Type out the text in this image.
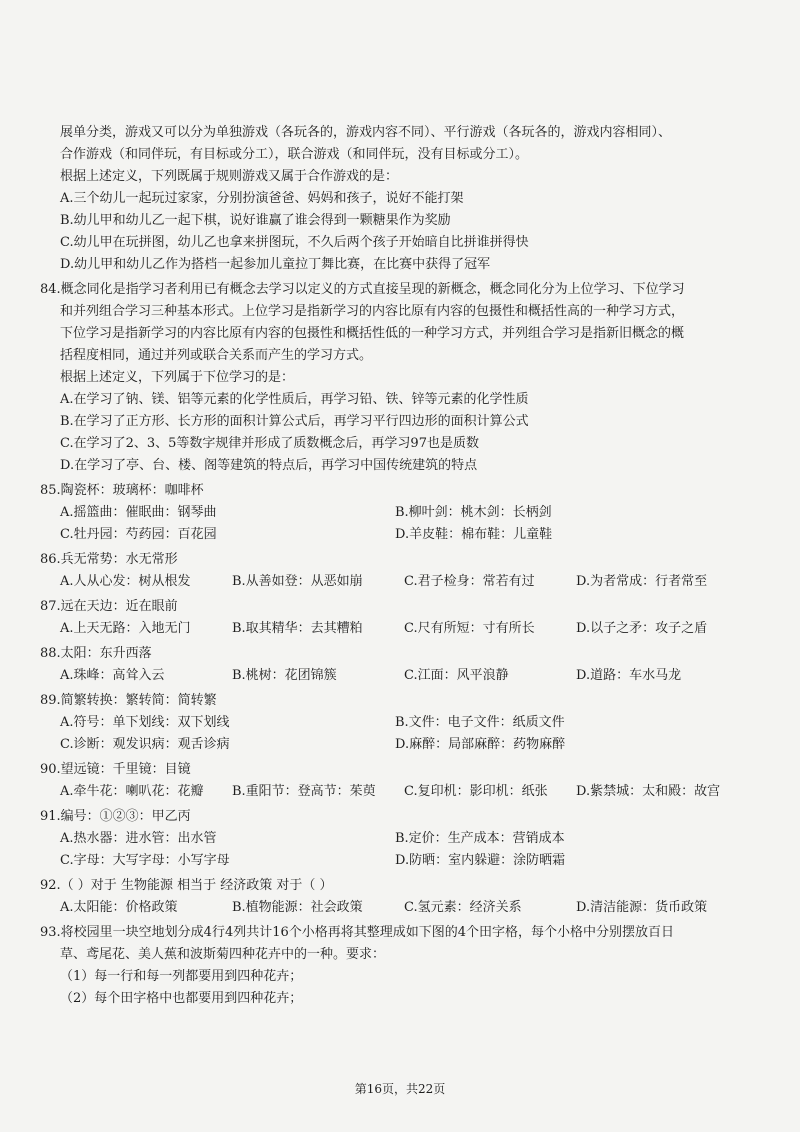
展单分类，游戏又可以分为单独游戏（各玩各的，游戏内容不同）、平行游戏（各玩各的，游戏内容相同）、
合作游戏（和同伴玩，有目标或分工），联合游戏（和同伴玩，没有目标或分工）。
根据上述定义，下列既属于规则游戏又属于合作游戏的是：
A.三个幼儿一起玩过家家，分别扮演爸爸、妈妈和孩子，说好不能打架
B.幼儿甲和幼儿乙一起下棋，说好谁赢了谁会得到一颗糖果作为奖励
C.幼儿甲在玩拼图，幼儿乙也拿来拼图玩，不久后两个孩子开始暗自比拼谁拼得快
D.幼儿甲和幼儿乙作为搭档一起参加儿童拉丁舞比赛，在比赛中获得了冠军
84.概念同化是指学习者利用已有概念去学习以定义的方式直接呈现的新概念，概念同化分为上位学习、下位学习
和并列组合学习三种基本形式。上位学习是指新学习的内容比原有内容的包摄性和概括性高的一种学习方式，
下位学习是指新学习的内容比原有内容的包摄性和概括性低的一种学习方式，并列组合学习是指新旧概念的概
括程度相同，通过并列或联合关系而产生的学习方式。
根据上述定义，下列属于下位学习的是：
A.在学习了钠、镁、铝等元素的化学性质后，再学习铅、铁、锌等元素的化学性质
B.在学习了正方形、长方形的面积计算公式后，再学习平行四边形的面积计算公式
C.在学习了2、3、5等数字规律并形成了质数概念后，再学习97也是质数
D.在学习了亭、台、楼、阁等建筑的特点后，再学习中国传统建筑的特点
85.陶瓷杯：玻璃杯：咖啡杯
A.摇篮曲：催眠曲：钢琴曲	B.柳叶剑：桃木剑：长柄剑
C.牡丹园：芍药园：百花园	D.羊皮鞋：棉布鞋：儿童鞋
86.兵无常势：水无常形
A.人从心发：树从根发	B.从善如登：从恶如崩	C.君子检身：常若有过	D.为者常成：行者常至
87.远在天边：近在眼前
A.上天无路：入地无门	B.取其精华：去其糟粕	C.尺有所短：寸有所长	D.以子之矛：攻子之盾
88.太阳：东升西落
A.珠峰：高耸入云	B.桃树：花团锦簇	C.江面：风平浪静	D.道路：车水马龙
89.简繁转换：繁转简：简转繁
A.符号：单下划线：双下划线	B.文件：电子文件：纸质文件
C.诊断：观发识病：观舌诊病	D.麻醉：局部麻醉：药物麻醉
90.望远镜：千里镜：目镜
A.牵牛花：喇叭花：花瓣	B.重阳节：登高节：茱萸	C.复印机：影印机：纸张	D.紫禁城：太和殿：故宫
91.编号：①②③：甲乙丙
A.热水器：进水管：出水管	B.定价：生产成本：营销成本
C.字母：大写字母：小写字母	D.防晒：室内躲避：涂防晒霜
92.（ ）对于 生物能源 相当于 经济政策 对于（ ）
A.太阳能：价格政策	B.植物能源：社会政策	C.氢元素：经济关系	D.清洁能源：货币政策
93.将校园里一块空地划分成4行4列共计16个小格再将其整理成如下图的4个田字格，每个小格中分别摆放百日
草、鸢尾花、美人蕉和波斯菊四种花卉中的一种。要求：
（1）每一行和每一列都要用到四种花卉；
（2）每个田字格中也都要用到四种花卉；
第16页，共22页
